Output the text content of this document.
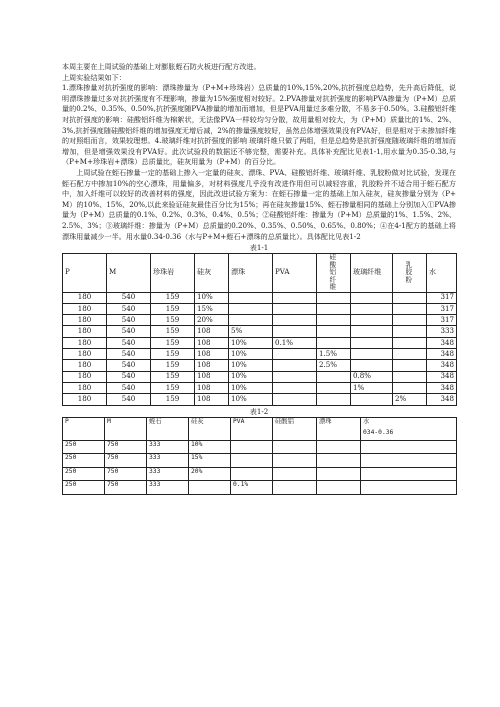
本周主要在上周试验的基础上对膨胀蛭石防火板进行配方改进。

上周实验结果如下：

1.漂珠掺量对抗折强度的影响：漂珠掺量为（P+M+珍珠岩）总质量的10%,15%,20%,抗折强度总趋势，先升高后降低，说明漂珠掺量过多对抗折强度有不理影响，掺量为15%强度相对较好。2.PVA掺量对抗折强度的影响PVA掺量为（P+M）总质量的0.2%、0.35%、0.50%,抗折强度随PVA掺量的增加而增加，但是PVA用量过多难分散，不易多于0.50%。3.硅酸铝纤维对抗折强度的影响：硅酸铝纤维为棉絮状，无法像PVA一样较均匀分散，故用量相对较大，为（P+M）质量比的1%、2%、3%,抗折强度随硅酸铝纤维的增加强度无增后减，2%的掺量强度较好，虽然总体增强效果没有PVA好，但是相对于未掺加纤维的对照组而言，效果较理想。4.玻璃纤维对抗折强度的影响 玻璃纤维只做了两组，但是总趋势是抗折强度随玻璃纤维的增加而增加，但是增强效果没有PVA好。此次试验段的数据还不够完整，需要补充。具体补充配比见表1-1,用水量为0.35-0.38,与（P+M+珍珠岩+漂珠）总质量比，硅灰用量为（P+M）的百分比。

上周试验在蛭石掺量一定的基础上掺入一定量的硅灰、漂珠、PVA、硅酸铝纤维、玻璃纤维、乳胶粉做对比试验，发现在蛭石配方中掺加10%的空心漂珠，用量偏多，对材料强度几乎没有改进作用但可以减轻容重，乳胶粉并不适合用于蛭石配方中，加入纤维可以较好的改善材料的强度，因此改进试验方案为：在蛭石掺量一定的基础上加入硅灰，硅灰掺量分别为（P+M）的10%、15%、20%,以此来验证硅灰最佳百分比为15%；再在硅灰掺量15%、蛭石掺量相同的基础上分别加入①PVA掺量为（P+M）总质量的0.1%、0.2%、0.3%、0.4%、0.5%；②硅酸铝纤维：掺量为（P+M）总质量的1%、1.5%、2%、2.5%、3%；③玻璃纤维：掺量为（P+M）总质量的0.20%、0.35%、0.50%、0.65%、0.80%；④在4-1配方的基础上将漂珠用量减少一半。用水量0.34-0.36（水与P+M+蛭石+漂珠的总质量比）。具体配比见表1-2

表1-1
P	M	珍珠岩	硅灰	漂珠	PVA	硅酸铝纤维	玻璃纤维	乳胶粉	水
180	540	159	10%						317
180	540	159	15%						317
180	540	159	20%						317
180	540	159	108	5%					333
180	540	159	108	10%	0.1%				348
180	540	159	108	10%		1.5%			348
180	540	159	108	10%		2.5%			348
180	540	159	108	10%			0.8%		348
180	540	159	108	10%			1%		348
180	540	159	108	10%				2%	348
表1-2
P	M	蛭石	硅灰	PVA	硅酸铝		漂珠	水
034-0.36

250	750	333	10%					
250	750	333	15%					
250	750	333	20%					
250	750	333		0.1%				
